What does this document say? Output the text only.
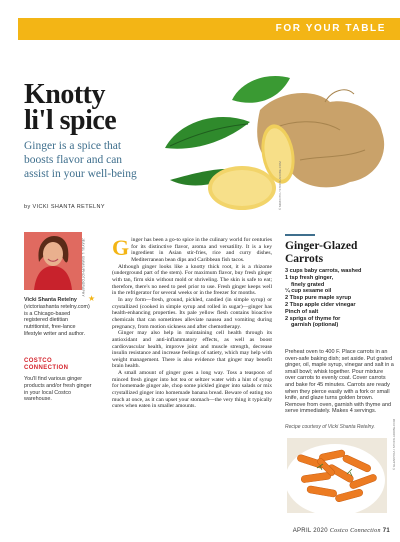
FOR YOUR TABLE
Knotty
li'l spice
Ginger is a spice that boosts flavor and can assist in your well-being
by VICKI SHANTA RETELNY
JEAYUL L SIMMS/PHOTOGRAPHY
Vicki Shanta Retelny
(victoriashanta retelny.com) is a Chicago-based registered dietitian nutritionist, free-lance lifestyle writer and author.
★
COSTCO
CONNECTION
You'll find various ginger products and/or fresh ginger in your local Costco warehouse.

Ginger has been a go-to spice in the culinary world for centuries for its distinctive flavor, aroma and versatility. It is a key ingredient in Asian stir-fries, rice and curry dishes, Mediterranean bean dips and Caribbean fish tacos.

Although ginger looks like a knotty thick root, it is a rhizome (underground part of the stem). For maximum flavor, buy fresh ginger with tan, firm skin without mold or shriveling. The skin is safe to eat; therefore, there's no need to peel prior to use. Fresh ginger keeps well in the refrigerator for several weeks or in the freezer for months.

In any form—fresh, ground, pickled, candied (in simple syrup) or crystallized (cooked in simple syrup and rolled in sugar)—ginger has health-enhancing properties. Its pale yellow flesh contains bioactive chemicals that can sometimes alleviate nausea and vomiting during pregnancy, from motion sickness and after chemotherapy.

Ginger may also help in maintaining cell health through its antioxidant and anti-inflammatory effects, as well as boost cardiovascular health, improve joint and muscle strength, decrease insulin resistance and increase feelings of satiety, which may help with weight management. There is also evidence that ginger may benefit brain health.

A small amount of ginger goes a long way. Toss a teaspoon of minced fresh ginger into hot tea or seltzer water with a hint of syrup for homemade ginger ale, chop some pickled ginger into salads or mix crystallized ginger into homemade banana bread. Beware of eating too much at once, as it can upset your stomach—the very thing it typically cures when eaten in smaller amounts.

© MIRFOTO / STOCK.ADOBE.COM
Ginger-Glazed
Carrots
3 cups baby carrots, washed
1 tsp fresh ginger,
finely grated
¼ cup sesame oil
2 Tbsp pure maple syrup
2 Tbsp apple cider vinegar
Pinch of salt
2 sprigs of thyme for
garnish (optional)
Preheat oven to 400 F. Place carrots in an oven-safe baking dish; set aside. Put grated ginger, oil, maple syrup, vinegar and salt in a small bowl; whisk together. Pour mixture over carrots to evenly coat. Cover carrots and bake for 45 minutes. Carrots are ready when they pierce easily with a fork or small knife, and glaze turns golden brown. Remove from oven, garnish with thyme and serve immediately. Makes 4 servings.
Recipe courtesy of Vicki Shanta Retelny.	© GLENNYKA / STOCK.ADOBE.COM
APRIL 2020 Costco Connection 71
